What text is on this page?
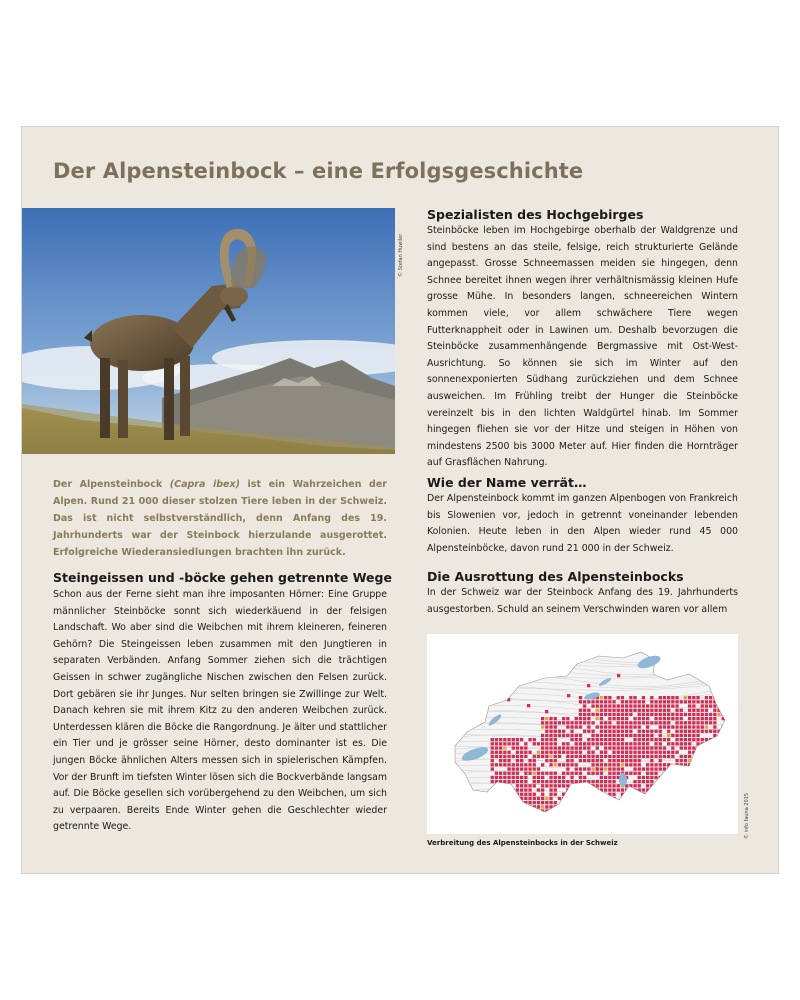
Der Alpensteinbock – eine Erfolgsgeschichte
© Stefan Huwiler

Der Alpensteinbock (Capra ibex) ist ein Wahrzeichen der Alpen. Rund 21 000 dieser stolzen Tiere leben in der Schweiz. Das ist nicht selbstverständlich, denn Anfang des 19. Jahrhunderts war der Steinbock hierzulande ausgerottet. Erfolgreiche Wiederansiedlungen brachten ihn zurück.

Steingeissen und -böcke gehen getrennte Wege

Schon aus der Ferne sieht man ihre imposanten Hörner: Eine Gruppe männlicher Steinböcke sonnt sich wiederkäuend in der felsigen Landschaft. Wo aber sind die Weibchen mit ihrem kleineren, feineren Gehörn? Die Steingeissen leben zusammen mit den Jungtieren in separaten Verbänden. Anfang Sommer ziehen sich die trächtigen Geissen in schwer zugängliche Nischen zwischen den Felsen zurück. Dort gebären sie ihr Junges. Nur selten bringen sie Zwillinge zur Welt. Danach kehren sie mit ihrem Kitz zu den anderen Weibchen zurück. Unterdessen klären die Böcke die Rangordnung. Je älter und stattlicher ein Tier und je grösser seine Hörner, desto dominanter ist es. Die jungen Böcke ähnlichen Alters messen sich in spielerischen Kämpfen. Vor der Brunft im tiefsten Winter lösen sich die Bockverbände langsam auf. Die Böcke gesellen sich vorübergehend zu den Weibchen, um sich zu verpaaren. Bereits Ende Winter gehen die Geschlechter wieder getrennte Wege.

Spezialisten des Hochgebirges

Steinböcke leben im Hochgebirge oberhalb der Waldgrenze und sind bestens an das steile, felsige, reich strukturierte Gelände angepasst. Grosse Schneemassen meiden sie hingegen, denn Schnee bereitet ihnen wegen ihrer verhältnismässig kleinen Hufe grosse Mühe. In besonders langen, schneereichen Wintern kommen viele, vor allem schwächere Tiere wegen Futterknappheit oder in Lawinen um. Deshalb bevorzugen die Steinböcke zusammenhängende Bergmassive mit Ost-West-Ausrichtung. So können sie sich im Winter auf den sonnenexponierten Südhang zurückziehen und dem Schnee ausweichen. Im Frühling treibt der Hunger die Steinböcke vereinzelt bis in den lichten Waldgürtel hinab. Im Sommer hingegen fliehen sie vor der Hitze und steigen in Höhen von mindestens 2500 bis 3000 Meter auf. Hier finden die Hornträger auf Grasflächen Nahrung.

Wie der Name verrät…

Der Alpensteinbock kommt im ganzen Alpenbogen von Frankreich bis Slowenien vor, jedoch in getrennt voneinander lebenden Kolonien. Heute leben in den Alpen wieder rund 45 000 Alpensteinböcke, davon rund 21 000 in der Schweiz.

Die Ausrottung des Alpensteinbocks

In der Schweiz war der Steinbock Anfang des 19. Jahrhunderts ausgestorben. Schuld an seinem Verschwinden waren vor allem

© info fauna 2015

Verbreitung des Alpensteinbocks in der Schweiz
